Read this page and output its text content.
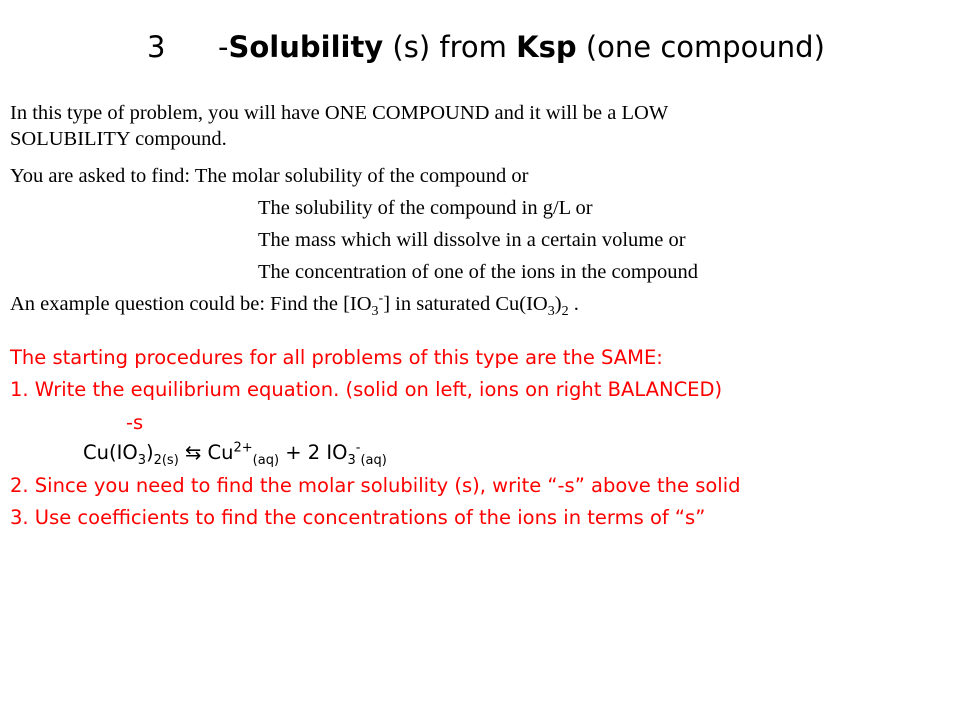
3 -Solubility (s) from Ksp (one compound)
In this type of problem, you will have ONE COMPOUND and it will be a LOW
SOLUBILITY compound.
You are asked to find: The molar solubility of the compound or
The solubility of the compound in g/L or
The mass which will dissolve in a certain volume or
The concentration of one of the ions in the compound
An example question could be: Find the $[IO_3^-]$ in saturated $Cu(IO_3)_2$ .
The starting procedures for all problems of this type are the SAME:
1. Write the equilibrium equation. (solid on left, ions on right BALANCED)
-s
$Cu(IO_3)_{2(s)}$ ⇆ $Cu^{2+}_{(aq)} + 2$ $IO_3^-_{(aq)}$
2. Since you need to find the molar solubility (s), write “-s” above the solid
3. Use coefficients to find the concentrations of the ions in terms of “s”
